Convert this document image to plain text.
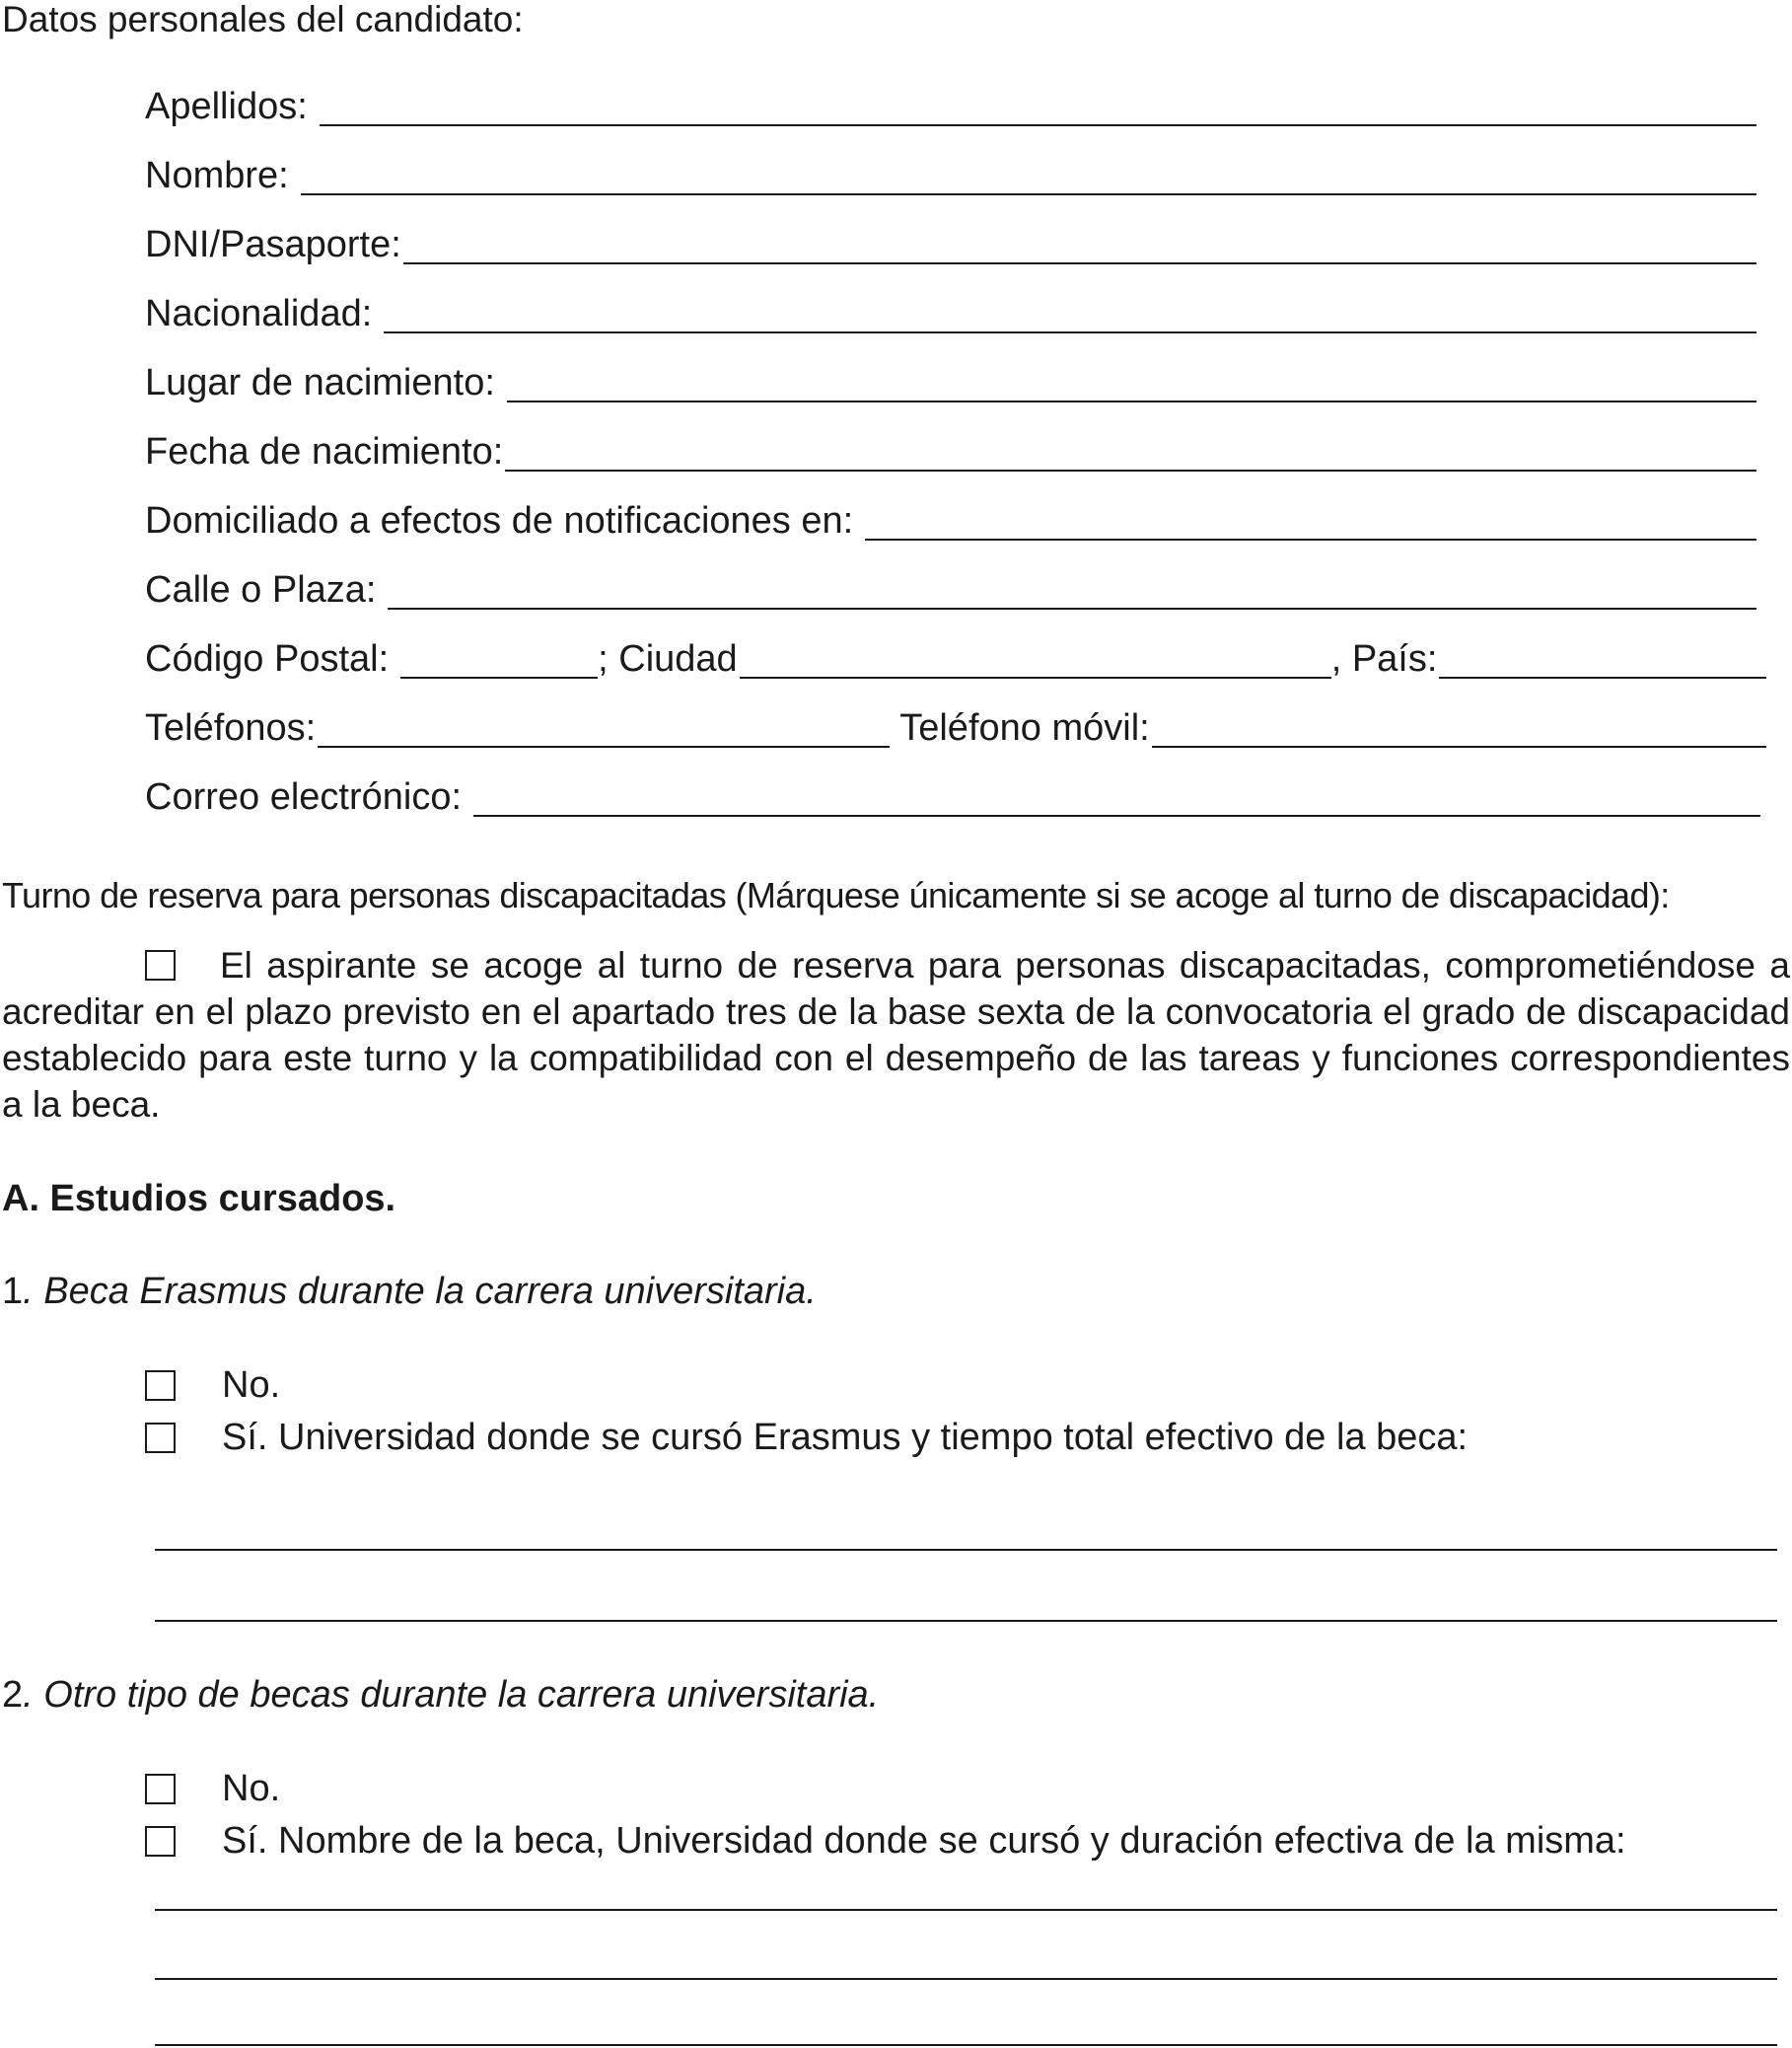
Datos personales del candidato:
Apellidos:
Nombre:
DNI/Pasaporte:
Nacionalidad:
Lugar de nacimiento:
Fecha de nacimiento:
Domiciliado a efectos de notificaciones en:
Calle o Plaza:
Código Postal:	; Ciudad	, País:
Teléfonos:	Teléfono móvil:
Correo electrónico:
Turno de reserva para personas discapacitadas (Márquese únicamente si se acoge al turno de discapacidad):
El aspirante se acoge al turno de reserva para personas discapacitadas, comprometiéndose a acreditar en el plazo previsto en el apartado tres de la base sexta de la convocatoria el grado de discapacidad establecido para este turno y la compatibilidad con el desempeño de las tareas y funciones correspondientes a la beca.
A. Estudios cursados.
1. Beca Erasmus durante la carrera universitaria.
No.
Sí. Universidad donde se cursó Erasmus y tiempo total efectivo de la beca:
2. Otro tipo de becas durante la carrera universitaria.
No.
Sí. Nombre de la beca, Universidad donde se cursó y duración efectiva de la misma:
